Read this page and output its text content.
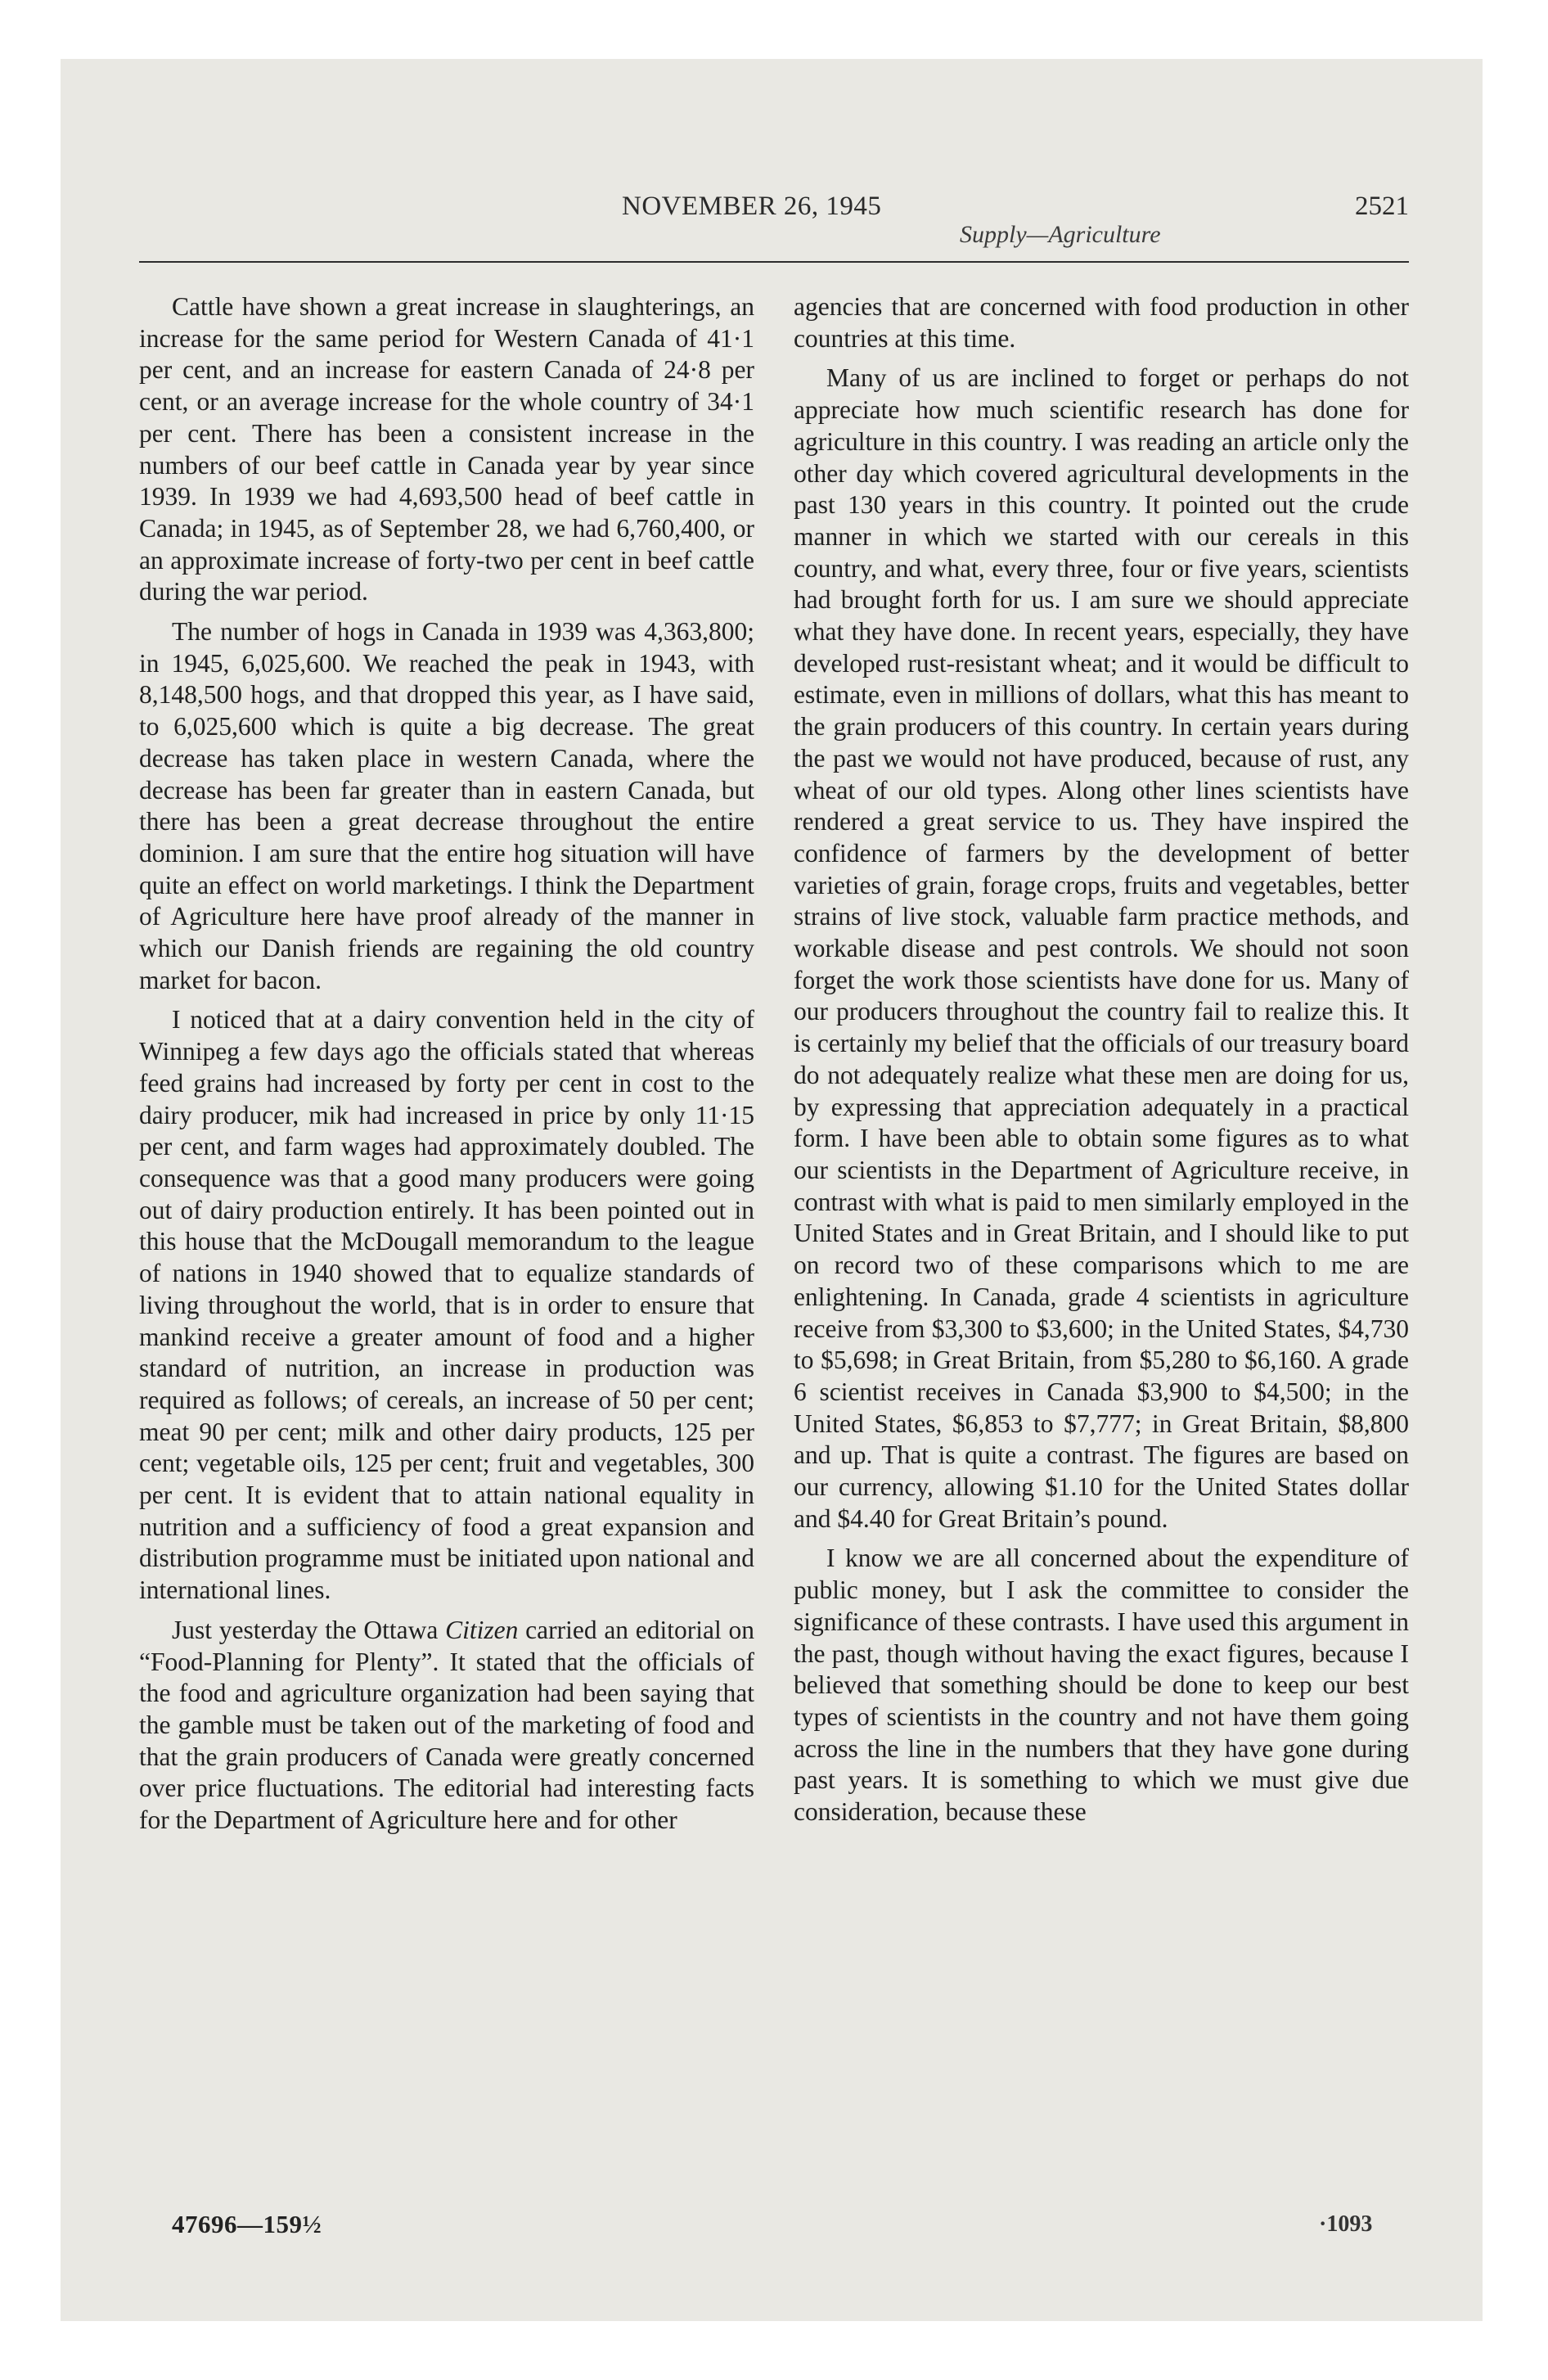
NOVEMBER 26, 1945
Supply—Agriculture
2521

Cattle have shown a great increase in slaughterings, an increase for the same period for Western Canada of 41·1 per cent, and an increase for eastern Canada of 24·8 per cent, or an average increase for the whole country of 34·1 per cent. There has been a consistent increase in the numbers of our beef cattle in Canada year by year since 1939. In 1939 we had 4,693,500 head of beef cattle in Canada; in 1945, as of September 28, we had 6,760,400, or an approximate increase of forty-two per cent in beef cattle during the war period.

The number of hogs in Canada in 1939 was 4,363,800; in 1945, 6,025,600. We reached the peak in 1943, with 8,148,500 hogs, and that dropped this year, as I have said, to 6,025,600 which is quite a big decrease. The great decrease has taken place in western Canada, where the decrease has been far greater than in eastern Canada, but there has been a great decrease throughout the entire dominion. I am sure that the entire hog situation will have quite an effect on world marketings. I think the Department of Agriculture here have proof already of the manner in which our Danish friends are regaining the old country market for bacon.

I noticed that at a dairy convention held in the city of Winnipeg a few days ago the officials stated that whereas feed grains had increased by forty per cent in cost to the dairy producer, mik had increased in price by only 11·15 per cent, and farm wages had approximately doubled. The consequence was that a good many producers were going out of dairy production entirely. It has been pointed out in this house that the McDougall memorandum to the league of nations in 1940 showed that to equalize standards of living throughout the world, that is in order to ensure that mankind receive a greater amount of food and a higher standard of nutrition, an increase in production was required as follows; of cereals, an increase of 50 per cent; meat 90 per cent; milk and other dairy products, 125 per cent; vegetable oils, 125 per cent; fruit and vegetables, 300 per cent. It is evident that to attain national equality in nutrition and a sufficiency of food a great expansion and distribution programme must be initiated upon national and international lines.

Just yesterday the Ottawa Citizen carried an editorial on “Food-Planning for Plenty”. It stated that the officials of the food and agriculture organization had been saying that the gamble must be taken out of the marketing of food and that the grain producers of Canada were greatly concerned over price fluctuations. The editorial had interesting facts for the Department of Agriculture here and for other

agencies that are concerned with food production in other countries at this time.

Many of us are inclined to forget or perhaps do not appreciate how much scientific research has done for agriculture in this country. I was reading an article only the other day which covered agricultural developments in the past 130 years in this country. It pointed out the crude manner in which we started with our cereals in this country, and what, every three, four or five years, scientists had brought forth for us. I am sure we should appreciate what they have done. In recent years, especially, they have developed rust-resistant wheat; and it would be difficult to estimate, even in millions of dollars, what this has meant to the grain producers of this country. In certain years during the past we would not have produced, because of rust, any wheat of our old types. Along other lines scientists have rendered a great service to us. They have inspired the confidence of farmers by the development of better varieties of grain, forage crops, fruits and vegetables, better strains of live stock, valuable farm practice methods, and workable disease and pest controls. We should not soon forget the work those scientists have done for us. Many of our producers throughout the country fail to realize this. It is certainly my belief that the officials of our treasury board do not adequately realize what these men are doing for us, by expressing that appreciation adequately in a practical form. I have been able to obtain some figures as to what our scientists in the Department of Agriculture receive, in contrast with what is paid to men similarly employed in the United States and in Great Britain, and I should like to put on record two of these comparisons which to me are enlightening. In Canada, grade 4 scientists in agriculture receive from $3,300 to $3,600; in the United States, $4,730 to $5,698; in Great Britain, from $5,280 to $6,160. A grade 6 scientist receives in Canada $3,900 to $4,500; in the United States, $6,853 to $7,777; in Great Britain, $8,800 and up. That is quite a contrast. The figures are based on our currency, allowing $1.10 for the United States dollar and $4.40 for Great Britain’s pound.

I know we are all concerned about the expenditure of public money, but I ask the committee to consider the significance of these contrasts. I have used this argument in the past, though without having the exact figures, because I believed that something should be done to keep our best types of scientists in the country and not have them going across the line in the numbers that they have gone during past years. It is something to which we must give due consideration, because these

47696—159½	·1093
